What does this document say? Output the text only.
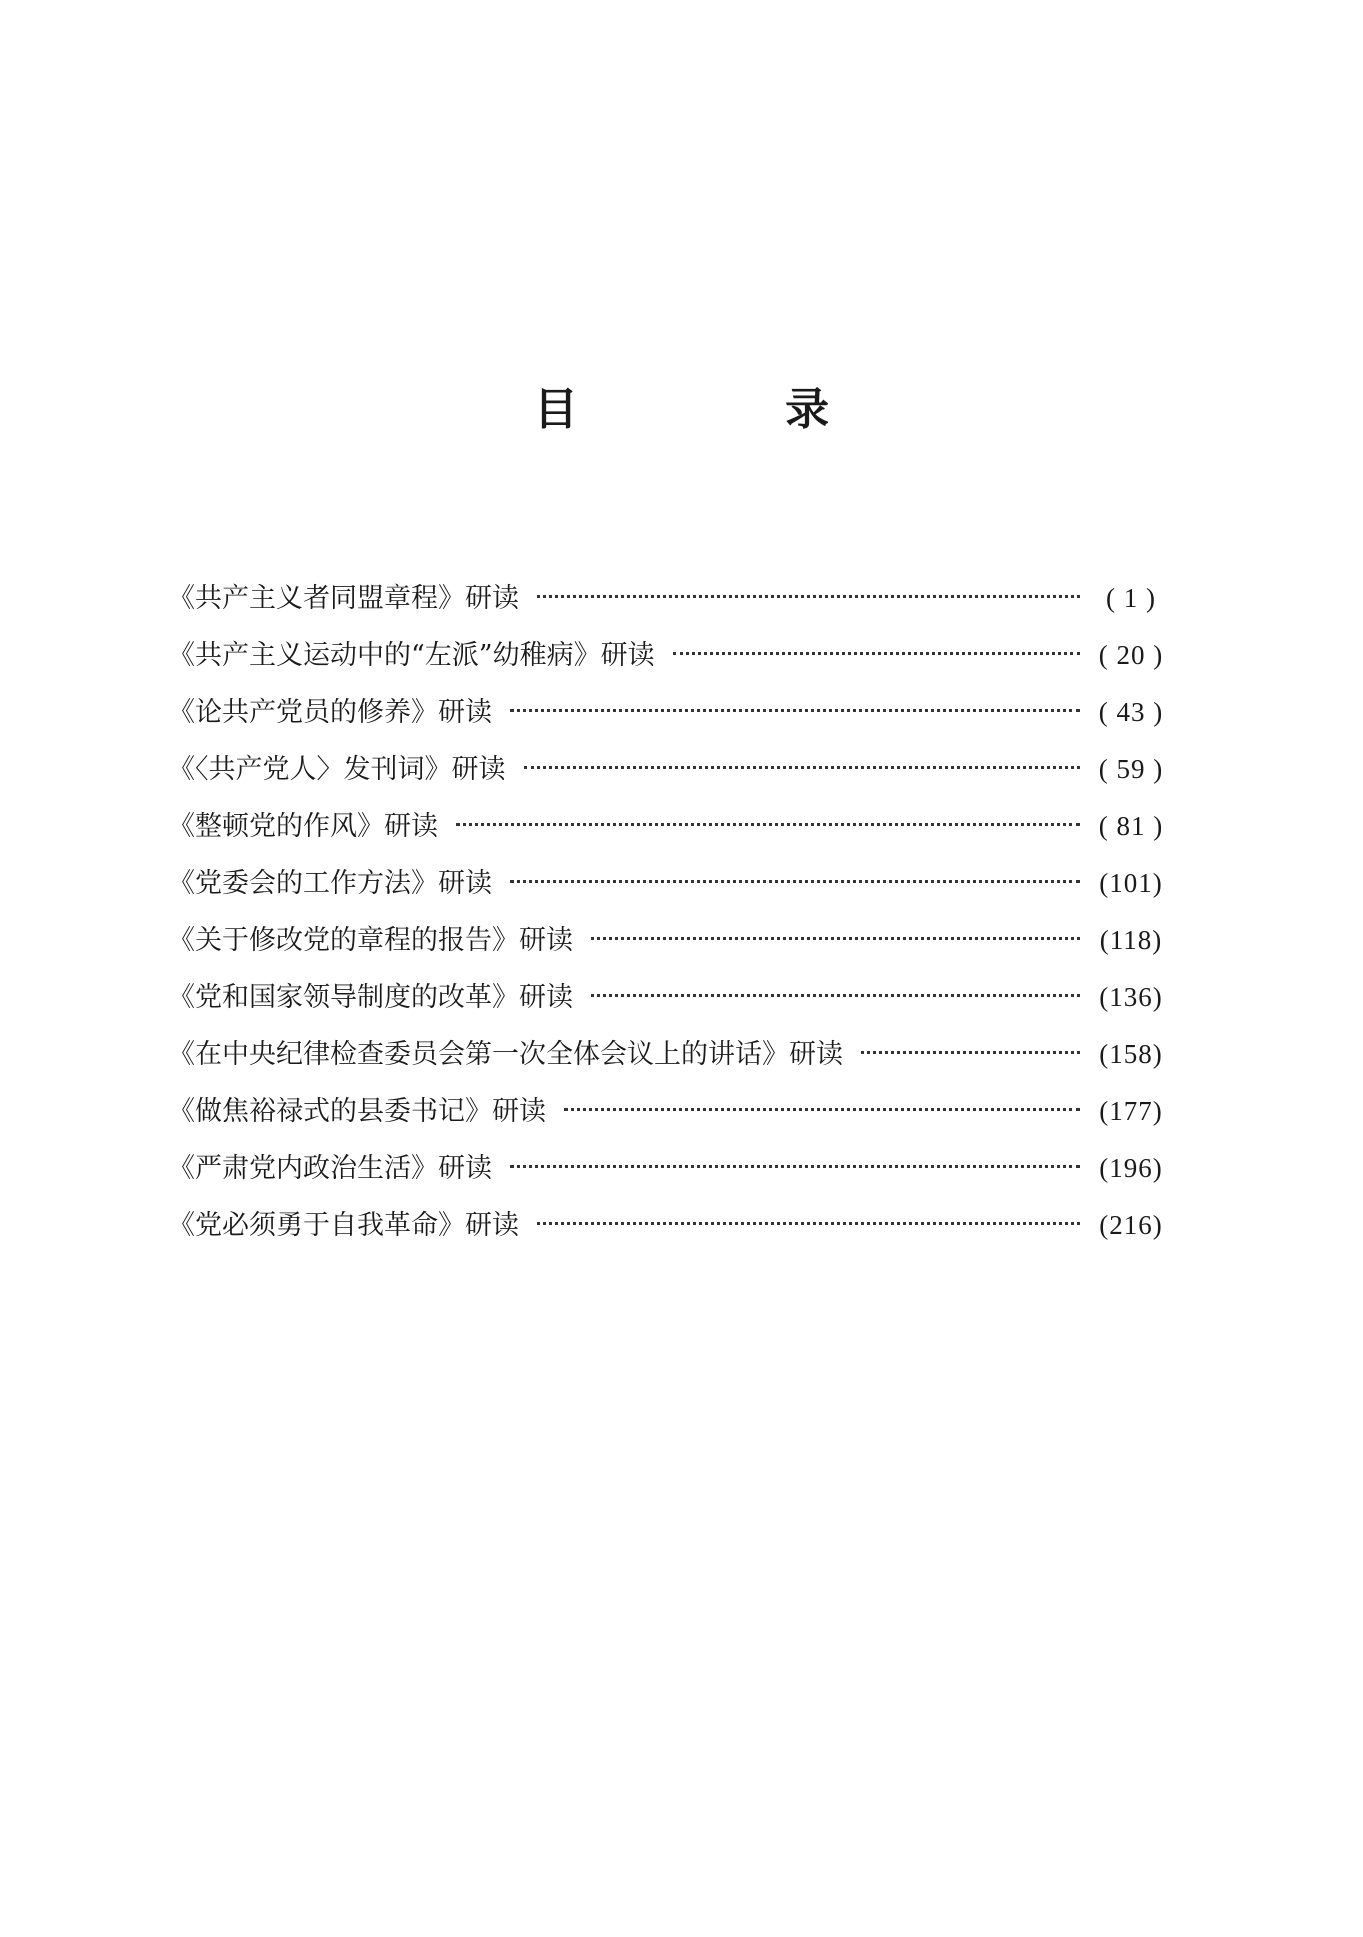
目 录
《共产主义者同盟章程》研读	( 1 )
《共产主义运动中的“左派”幼稚病》研读	( 20 )
《论共产党员的修养》研读	( 43 )
《〈共产党人〉发刊词》研读	( 59 )
《整顿党的作风》研读	( 81 )
《党委会的工作方法》研读	(101)
《关于修改党的章程的报告》研读	(118)
《党和国家领导制度的改革》研读	(136)
《在中央纪律检查委员会第一次全体会议上的讲话》研读	(158)
《做焦裕禄式的县委书记》研读	(177)
《严肃党内政治生活》研读	(196)
《党必须勇于自我革命》研读	(216)
